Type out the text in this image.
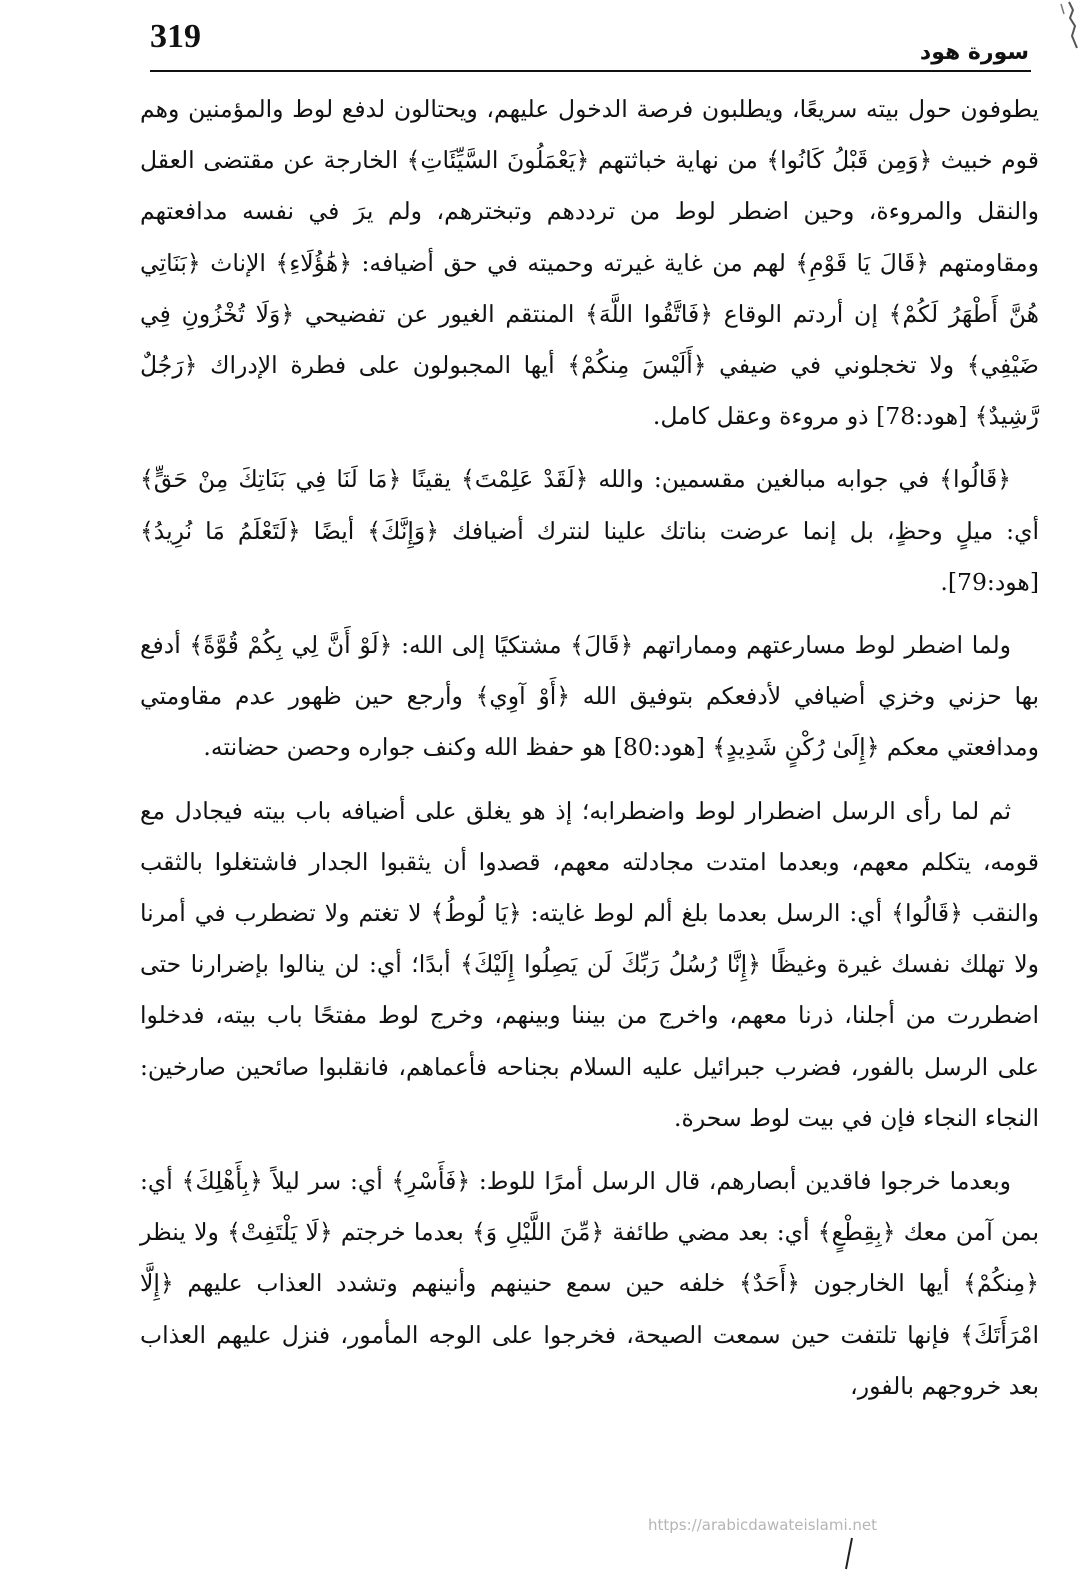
319	سورة هود

يطوفون حول بيته سريعًا، ويطلبون فرصة الدخول عليهم، ويحتالون لدفع لوط والمؤمنين وهم قوم خبيث ﴿وَمِن قَبْلُ كَانُوا﴾ من نهاية خباثتهم ﴿يَعْمَلُونَ السَّيِّئَاتِ﴾ الخارجة عن مقتضى العقل والنقل والمروءة، وحين اضطر لوط من ترددهم وتبختره‍م، ولم يرَ في نفسه مدافعتهم ومقاومتهم ﴿قَالَ يَا قَوْمِ﴾ لهم من غاية غيرته وحميته في حق أضيافه: ﴿هَٰؤُلَاءِ﴾ الإناث ﴿بَنَاتِي هُنَّ أَطْهَرُ لَكُمْ﴾ إن أردتم الوقاع ﴿فَاتَّقُوا اللَّهَ﴾ المنتقم الغيور عن تفضيحي ﴿وَلَا تُخْزُونِ فِي ضَيْفِي﴾ ولا تخجلوني في ضيفي ﴿أَلَيْسَ مِنكُمْ﴾ أيها المجبولون على فطرة الإدراك ﴿رَجُلٌ رَّشِيدٌ﴾ [هود:78] ذو مروءة وعقل كامل.

﴿قَالُوا﴾ في جوابه مبالغين مقسمين: والله ﴿لَقَدْ عَلِمْتَ﴾ يقينًا ﴿مَا لَنَا فِي بَنَاتِكَ مِنْ حَقٍّ﴾ أي: ميلٍ وحظٍ، بل إنما عرضت بناتك علينا لنترك أضيافك ﴿وَإِنَّكَ﴾ أيضًا ﴿لَتَعْلَمُ مَا نُرِيدُ﴾ [هود:79].

ولما اضطر لوط مسارعتهم ومماراتهم ﴿قَالَ﴾ مشتكيًا إلى الله: ﴿لَوْ أَنَّ لِي بِكُمْ قُوَّةً﴾ أدفع بها حزني وخزي أضيافي لأدفعكم بتوفيق الله ﴿أَوْ آوِي﴾ وأرجع حين ظهور عدم مقاومتي ومدافعتي معكم ﴿إِلَىٰ رُكْنٍ شَدِيدٍ﴾ [هود:80] هو حفظ الله وكنف جواره وحصن حضانته.

ثم لما رأى الرسل اضطرار لوط واضطرابه؛ إذ هو يغلق على أضيافه باب بيته فيجادل مع قومه، يتكلم معهم، وبعدما امتدت مجادلته معهم، قصدوا أن يثقبوا الجدار فاشتغلوا بالثقب والنقب ﴿قَالُوا﴾ أي: الرسل بعدما بلغ ألم لوط غايته: ﴿يَا لُوطُ﴾ لا تغتم ولا تضطرب في أمرنا ولا تهلك نفسك غيرة وغيظًا ﴿إِنَّا رُسُلُ رَبِّكَ لَن يَصِلُوا إِلَيْكَ﴾ أبدًا؛ أي: لن ينالوا بإضرارنا حتى اضطررت من أجلنا، ذرنا معهم، واخرج من بيننا وبينهم، وخرج لوط مفتحًا باب بيته، فدخلوا على الرسل بالفور، فضرب جبرائيل عليه السلام بجناحه فأعماهم، فانقلبوا صائحين صارخين: النجاء النجاء فإن في بيت لوط سحرة.

وبعدما خرجوا فاقدين أبصارهم، قال الرسل أمرًا للوط: ﴿فَأَسْرِ﴾ أي: سر ليلاً ﴿بِأَهْلِكَ﴾ أي: بمن آمن معك ﴿بِقِطْعٍ﴾ أي: بعد مضي طائفة ﴿مِّنَ اللَّيْلِ وَ﴾ بعدما خرجتم ﴿لَا يَلْتَفِتْ﴾ ولا ينظر ﴿مِنكُمْ﴾ أيها الخارجون ﴿أَحَدٌ﴾ خلفه حين سمع حنينهم وأنينهم وتشدد العذاب عليهم ﴿إِلَّا امْرَأَتَكَ﴾ فإنها تلتفت حين سمعت الصيحة، فخرجوا على الوجه المأمور، فنزل عليهم العذاب بعد خروجهم بالفور،

https://arabicdawateislami.net
